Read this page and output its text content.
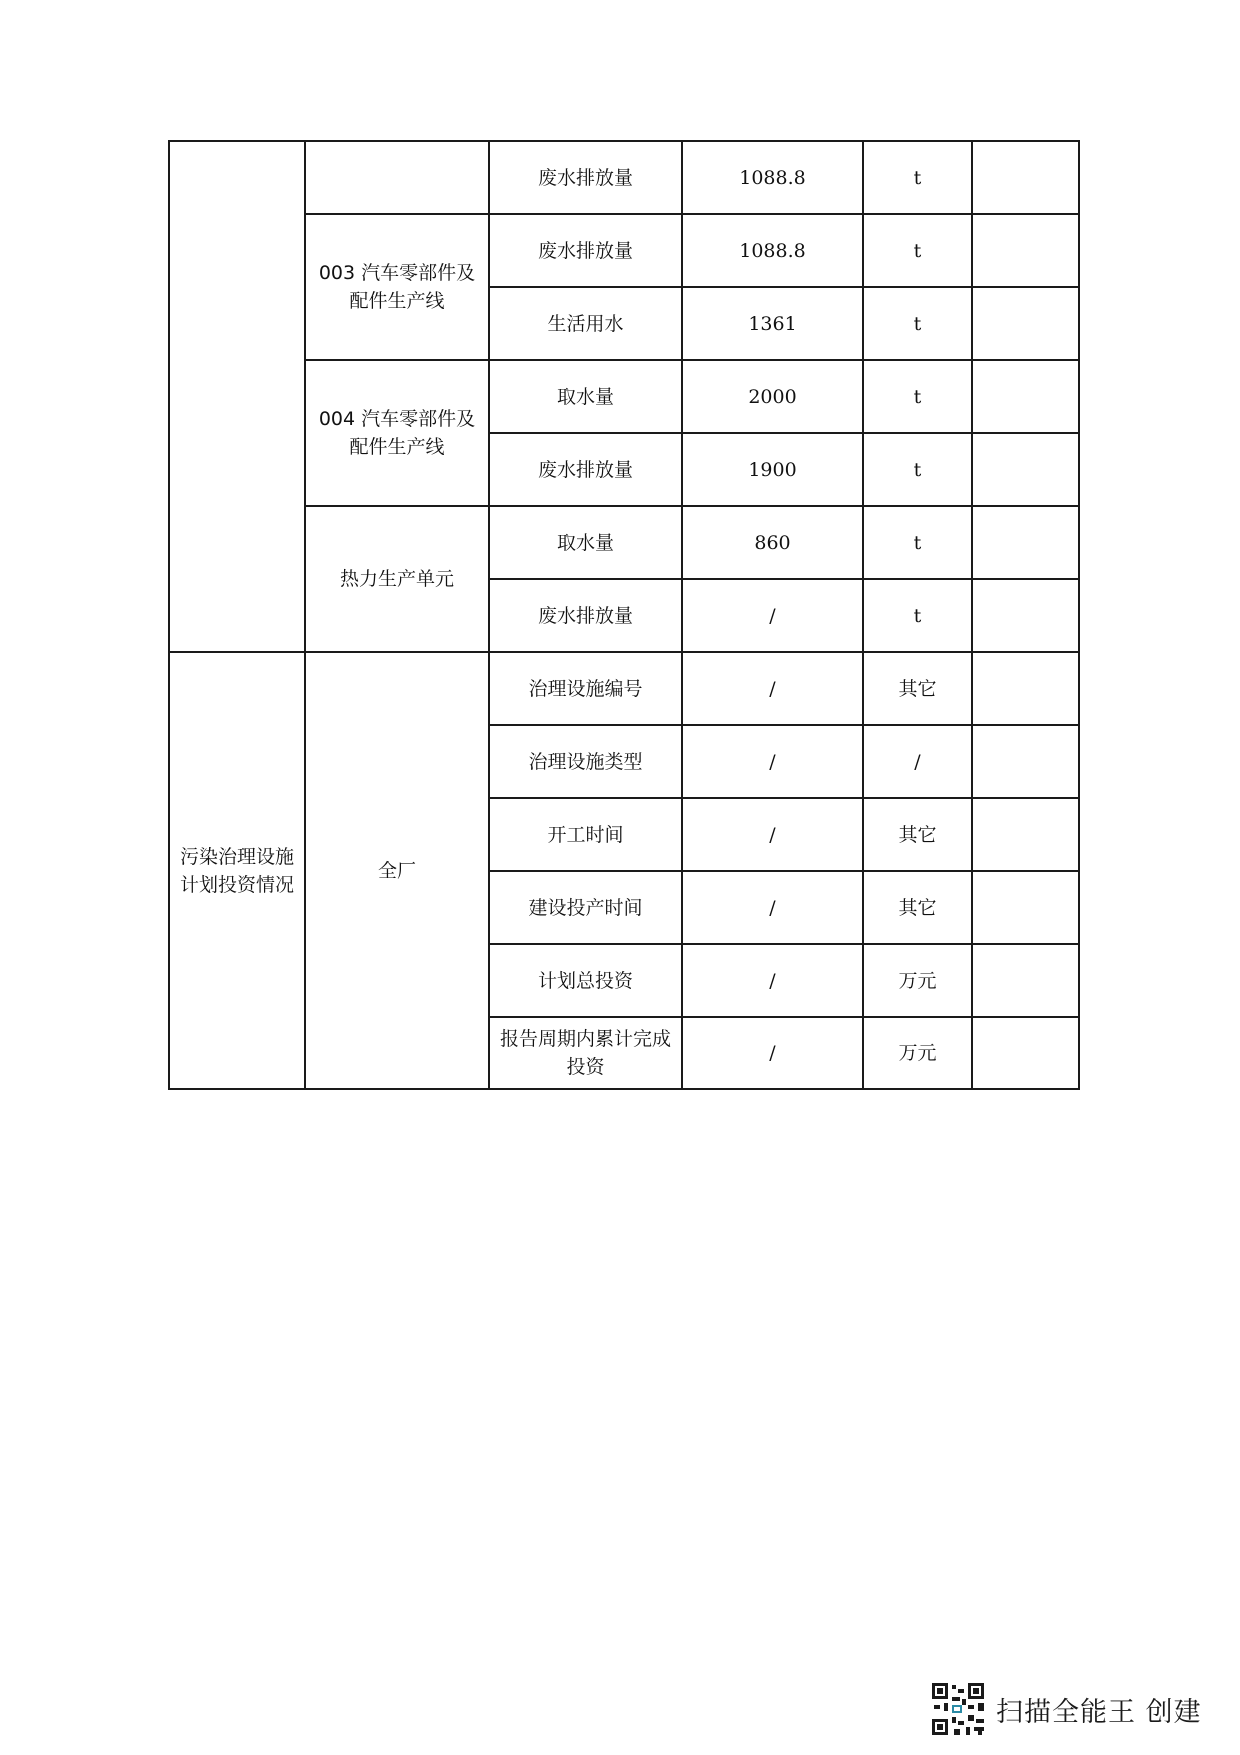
		废水排放量	1088.8	t	
	003 汽车零部件及配件生产线	废水排放量	1088.8	t	
		生活用水	1361	t	
	004 汽车零部件及配件生产线	取水量	2000	t	
		废水排放量	1900	t	
	热力生产单元	取水量	860	t	
		废水排放量	/	t	
污染治理设施计划投资情况	全厂	治理设施编号	/	其它	
		治理设施类型	/	/	
		开工时间	/	其它	
		建设投产时间	/	其它	
		计划总投资	/	万元	
		报告周期内累计完成投资	/	万元	
扫描全能王 创建
